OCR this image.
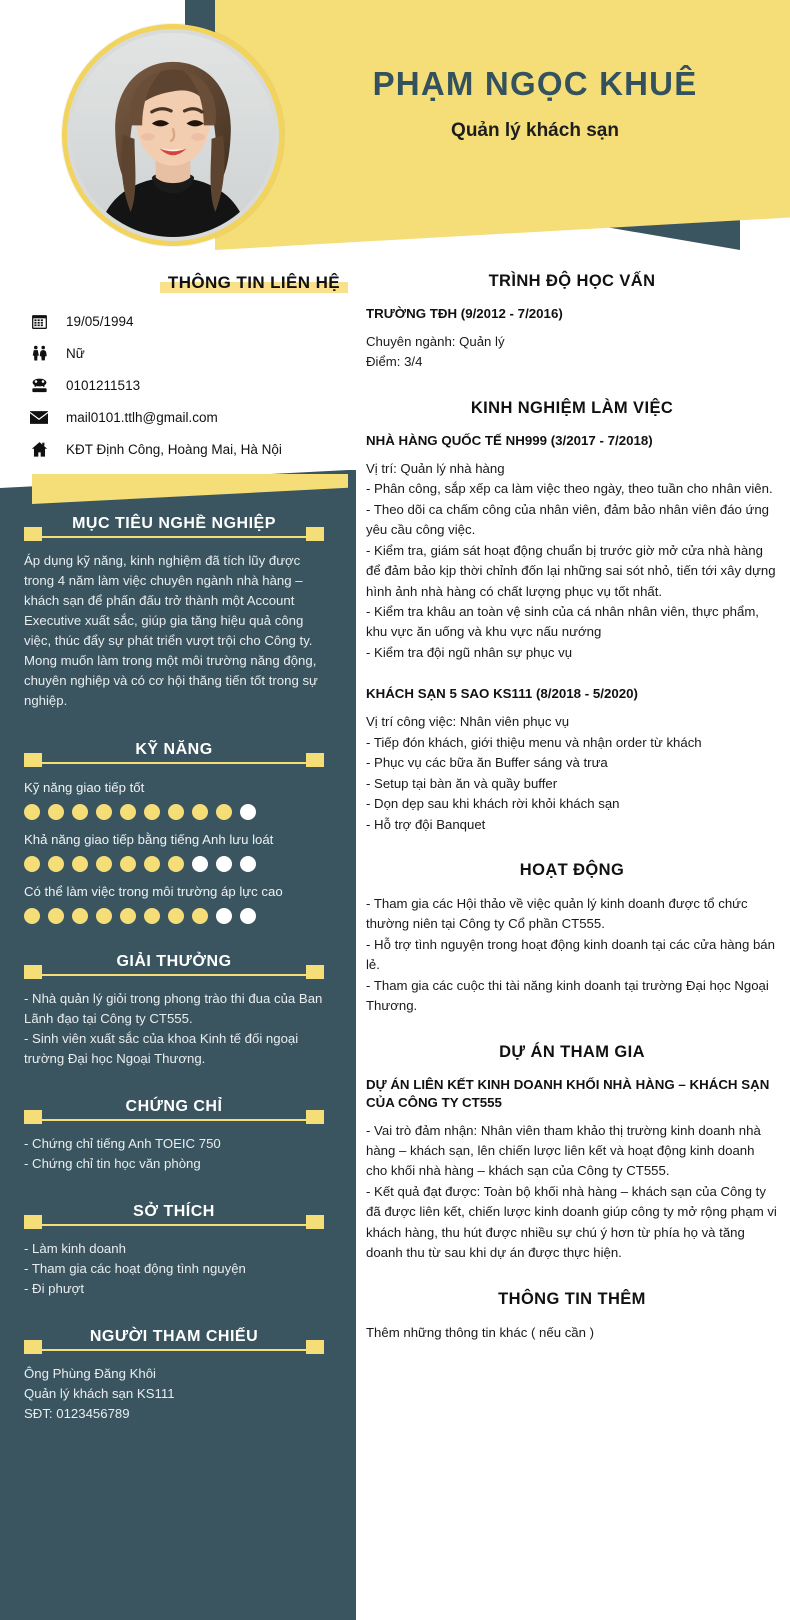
PHẠM NGỌC KHUÊ
Quản lý khách sạn
THÔNG TIN LIÊN HỆ
19/05/1994
Nữ
0101211513
mail0101.ttlh@gmail.com
KĐT Định Công, Hoàng Mai, Hà Nội
MỤC TIÊU NGHỀ NGHIỆP

Áp dụng kỹ năng, kinh nghiệm đã tích lũy được trong 4 năm làm việc chuyên ngành nhà hàng – khách sạn để phấn đấu trở thành một Account Executive xuất sắc, giúp gia tăng hiệu quả công việc, thúc đẩy sự phát triển vượt trội cho Công ty. Mong muốn làm trong một môi trường năng động, chuyên nghiệp và có cơ hội thăng tiến tốt trong sự nghiệp.

KỸ NĂNG
Kỹ năng giao tiếp tốt
Khả năng giao tiếp bằng tiếng Anh lưu loát
Có thể làm việc trong môi trường áp lực cao
GIẢI THƯỞNG

- Nhà quản lý giỏi trong phong trào thi đua của Ban Lãnh đạo tại Công ty CT555.

- Sinh viên xuất sắc của khoa Kinh tế đối ngoại trường Đại học Ngoại Thương.

CHỨNG CHỈ

- Chứng chỉ tiếng Anh TOEIC 750

- Chứng chỉ tin học văn phòng

SỞ THÍCH

- Làm kinh doanh

- Tham gia các hoạt động tình nguyện

- Đi phượt

NGƯỜI THAM CHIẾU

Ông Phùng Đăng Khôi

Quản lý khách sạn KS111

SĐT: 0123456789

TRÌNH ĐỘ HỌC VẤN
TRƯỜNG TĐH (9/2012 - 7/2016)

Chuyên ngành: Quản lý

Điểm: 3/4

KINH NGHIỆM LÀM VIỆC
NHÀ HÀNG QUỐC TẾ NH999 (3/2017 - 7/2018)

Vị trí: Quản lý nhà hàng

- Phân công, sắp xếp ca làm việc theo ngày, theo tuần cho nhân viên.

- Theo dõi ca chấm công của nhân viên, đảm bảo nhân viên đáo ứng yêu cầu công việc.

- Kiểm tra, giám sát hoạt động chuẩn bị trước giờ mở cửa nhà hàng để đảm bảo kịp thời chỉnh đốn lại những sai sót nhỏ, tiến tới xây dựng hình ảnh nhà hàng có chất lượng phục vụ tốt nhất.

- Kiểm tra khâu an toàn vệ sinh của cá nhân nhân viên, thực phẩm, khu vực ăn uống và khu vực nấu nướng

- Kiểm tra đội ngũ nhân sự phục vụ

KHÁCH SẠN 5 SAO KS111 (8/2018 - 5/2020)

Vị trí công việc: Nhân viên phục vụ

- Tiếp đón khách, giới thiệu menu và nhận order từ khách

- Phục vụ các bữa ăn Buffer sáng và trưa

- Setup tại bàn ăn và quầy buffer

- Dọn dẹp sau khi khách rời khỏi khách sạn

- Hỗ trợ đội Banquet

HOẠT ĐỘNG

- Tham gia các Hội thảo về việc quản lý kinh doanh được tổ chức thường niên tại Công ty Cổ phần CT555.

- Hỗ trợ tình nguyện trong hoạt động kinh doanh tại các cửa hàng bán lẻ.

- Tham gia các cuộc thi tài năng kinh doanh tại trường Đại học Ngoại Thương.

DỰ ÁN THAM GIA
DỰ ÁN LIÊN KẾT KINH DOANH KHỐI NHÀ HÀNG – KHÁCH SẠN CỦA CÔNG TY CT555

- Vai trò đảm nhận: Nhân viên tham khảo thị trường kinh doanh nhà hàng – khách sạn, lên chiến lược liên kết và hoạt động kinh doanh cho khối nhà hàng – khách sạn của Công ty CT555.

- Kết quả đạt được: Toàn bộ khối nhà hàng – khách sạn của Công ty đã được liên kết, chiến lược kinh doanh giúp công ty mở rộng phạm vi khách hàng, thu hút được nhiều sự chú ý hơn từ phía họ và tăng doanh thu từ sau khi dự án được thực hiện.

THÔNG TIN THÊM

Thêm những thông tin khác ( nếu cần )
